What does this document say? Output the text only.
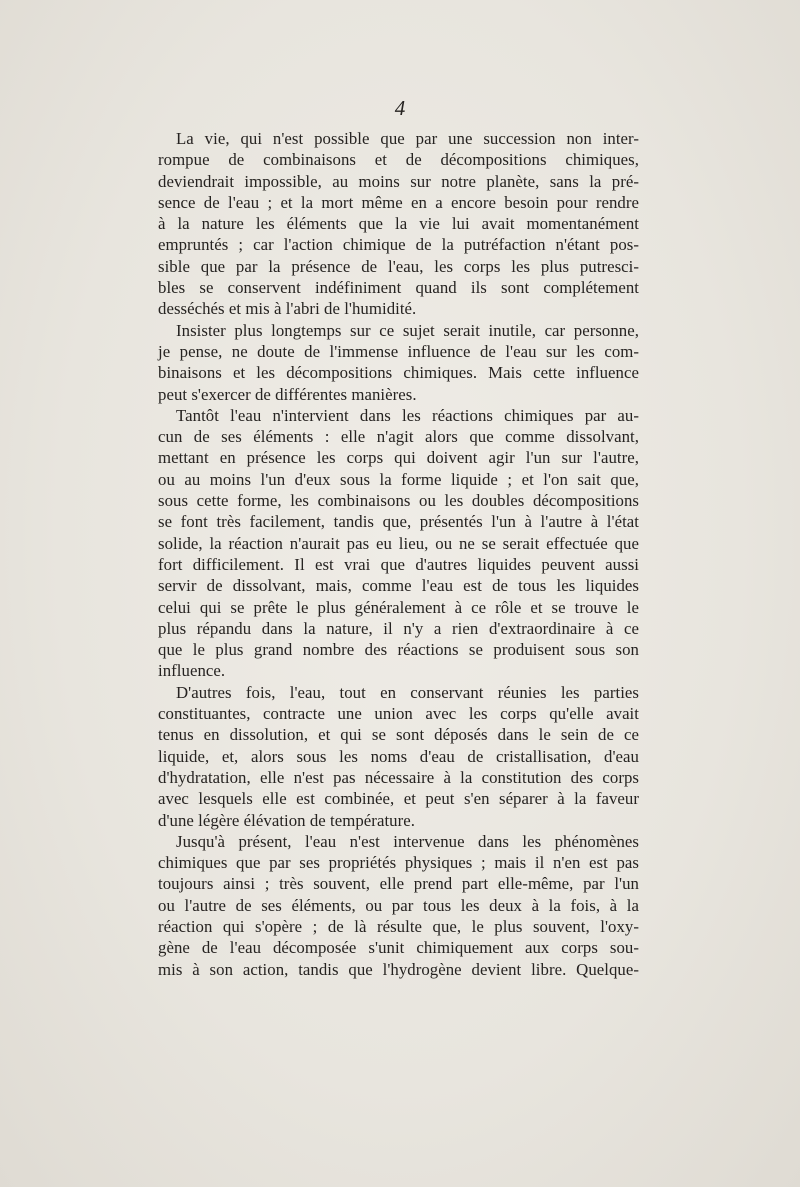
4
La vie, qui n'est possible que par une succession non inter-
rompue de combinaisons et de décompositions chimiques,
deviendrait impossible, au moins sur notre planète, sans la pré-
sence de l'eau ; et la mort même en a encore besoin pour rendre
à la nature les éléments que la vie lui avait momentanément
empruntés ; car l'action chimique de la putréfaction n'étant pos-
sible que par la présence de l'eau, les corps les plus putresci-
bles se conservent indéfiniment quand ils sont complétement
desséchés et mis à l'abri de l'humidité.
Insister plus longtemps sur ce sujet serait inutile, car personne,
je pense, ne doute de l'immense influence de l'eau sur les com-
binaisons et les décompositions chimiques. Mais cette influence
peut s'exercer de différentes manières.
Tantôt l'eau n'intervient dans les réactions chimiques par au-
cun de ses éléments : elle n'agit alors que comme dissolvant,
mettant en présence les corps qui doivent agir l'un sur l'autre,
ou au moins l'un d'eux sous la forme liquide ; et l'on sait que,
sous cette forme, les combinaisons ou les doubles décompositions
se font très facilement, tandis que, présentés l'un à l'autre à l'état
solide, la réaction n'aurait pas eu lieu, ou ne se serait effectuée que
fort difficilement. Il est vrai que d'autres liquides peuvent aussi
servir de dissolvant, mais, comme l'eau est de tous les liquides
celui qui se prête le plus généralement à ce rôle et se trouve le
plus répandu dans la nature, il n'y a rien d'extraordinaire à ce
que le plus grand nombre des réactions se produisent sous son
influence.
D'autres fois, l'eau, tout en conservant réunies les parties
constituantes, contracte une union avec les corps qu'elle avait
tenus en dissolution, et qui se sont déposés dans le sein de ce
liquide, et, alors sous les noms d'eau de cristallisation, d'eau
d'hydratation, elle n'est pas nécessaire à la constitution des corps
avec lesquels elle est combinée, et peut s'en séparer à la faveur
d'une légère élévation de température.
Jusqu'à présent, l'eau n'est intervenue dans les phénomènes
chimiques que par ses propriétés physiques ; mais il n'en est pas
toujours ainsi ; très souvent, elle prend part elle-même, par l'un
ou l'autre de ses éléments, ou par tous les deux à la fois, à la
réaction qui s'opère ; de là résulte que, le plus souvent, l'oxy-
gène de l'eau décomposée s'unit chimiquement aux corps sou-
mis à son action, tandis que l'hydrogène devient libre. Quelque-
